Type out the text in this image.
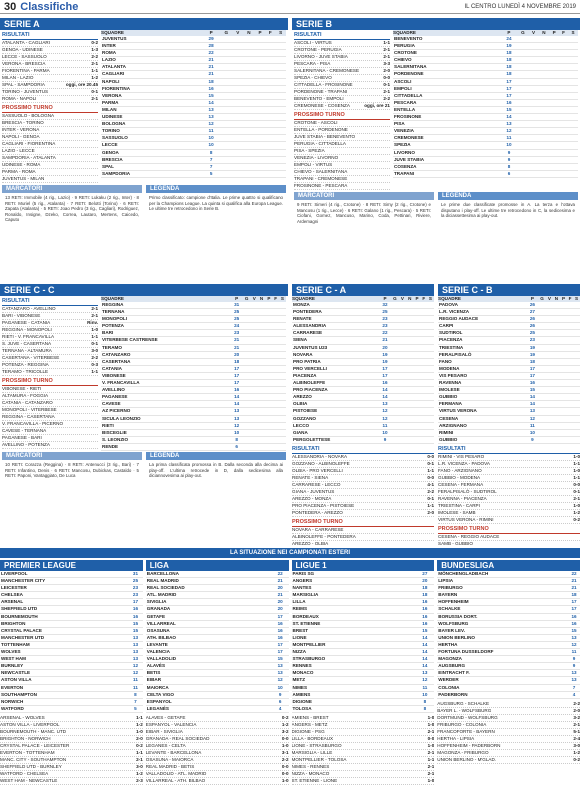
30 Classifiche	IL CENTRO LUNEDÌ 4 NOVEMBRE 2019
SERIE A
RISULTATI
ATALANTA - CAGLIARI	0-2
GENOA - UDINESE	1-3
LECCE - SASSUOLO	2-2
VERONA - BRESCIA	2-1
FIORENTINA - PARMA	1-1
MILAN - LAZIO	1-2
SPAL - SAMPDORIA	oggi, ore 20.45
TORINO - JUVENTUS	0-1
ROMA - NAPOLI	2-1
PROSSIMO TURNO
SASSUOLO - BOLOGNA
BRESCIA - TORINO
INTER - VERONA
NAPOLI - GENOA
CAGLIARI - FIORENTINA
LAZIO - LECCE
SAMPDORIA - ATALANTA
UDINESE - ROMA
PARMA - ROMA
JUVENTUS - MILAN
SQUADRE	P	G	V	N	P	F	S
JUVENTUS	29						
INTER	28						
ROMA	22						
LAZIO	21						
ATALANTA	21						
CAGLIARI	21						
NAPOLI	18						
FIORENTINA	16						
VERONA	15						
PARMA	14						
MILAN	13						
UDINESE	13						
BOLOGNA	12						
TORINO	11						
SASSUOLO	10						
LECCE	10						
GENOA	8						
BRESCIA	7						
SPAL	7						
SAMPDORIA	5						
MARCATORI
13 RETI: Immobile (4 rig., Lazio) · 9 RETI: Lukaku (2 rig., Inter) · 8 RETI: Muriel (5 rig., Atalanta) · 7 RETI: Belotti (Torino) · 6 RETI: Zapata (Atalanta) · 5 RETI: Joao Pedro (3 rig., Cagliari), Rodriguez, Ronaldo, Insigne, Dzeko, Correa, Lautaro, Mertens, Caicedo, Caputo
LEGENDA
Primo classificato: campione d'Italia. Le prime quattro si qualificano per la Champions League. La quinta si qualifica alla Europa League. Le ultime tre retrocedono in Serie B.
SERIE B
RISULTATI
ASCOLI - VIRTUS	1-1
CROTONE - PERUGIA	2-1
LIVORNO - JUVE STABIA	2-1
PESCARA - PISA	3-3
SALERNITANA - CREMONESE	2-0
SPEZIA - CHIEVO	0-0
CITTADELLA - FROSINONE	0-1
PORDENONE - TRAPANI	2-1
BENEVENTO - EMPOLI	2-2
CREMONESE - COSENZA	oggi, ore 21
PROSSIMO TURNO
CROTONE - ASCOLI
ENTELLA - PORDENONE
JUVE STABIA - BENEVENTO
PERUGIA - CITTADELLA
PISA - SPEZIA
VENEZIA - LIVORNO
EMPOLI - VIRTUS
CHIEVO - SALERNITANA
TRAPANI - CREMONESE
FROSINONE - PESCARA
SQUADRE	P	G	V	N	P	F	S
BENEVENTO	24						
PERUGIA	19						
CROTONE	18						
CHIEVO	18						
SALERNITANA	18						
PORDENONE	18						
ASCOLI	17						
EMPOLI	17						
CITTADELLA	17						
PESCARA	16						
ENTELLA	15						
FROSINONE	14						
PISA	13						
VENEZIA	12						
CREMONESE	11						
SPEZIA	10						
LIVORNO	9						
JUVE STABIA	9						
COSENZA	8						
TRAPANI	6						
MARCATORI
9 RETI: Simeri (4 rig., Crotone) · 8 RETI: Simy (2 rig., Crotone) e Mancosu (1 rig., Lecce) · 6 RETI: Galano (1 rig., Pescara) · 5 RETI: Ciofani, Gomez, Mancuso, Marino, Coda, Pettinari, Riviere, Ardemagni
LEGENDA
Le prime due classificate promosse in A. La terza e l'ottava disputano i play-off. Le ultime tre retrocedono in C, la sedicesima e la diciassettesima ai play-out.
SERIE C - C
RISULTATI
CATANZARO - AVELLINO	2-1
BARI - VIBONESE	2-1
PAGANESE - CATANIA	Rinv.
REGGINA - MONOPOLI	1-0
RIETI - V. FRANCAVILLA	1-1
S. JUVE - CASERTANA	0-1
TERNANA - ALTAMURA	3-0
CASERTANA - VITERBESE	2-2
POTENZA - REGGINA	0-3
TERAMO - TRICOLLE	1-1
PROSSIMO TURNO
VIBONESE - RIETI
ALTAMURA - FOGGIA
CATANIA - CATANZARO
MONOPOLI - VITERBESE
REGGINA - CASERTANA
V. FRANCAVILLA - PICERNO
CAVESE - TERNANA
PAGANESE - BARI
AVELLINO - POTENZA
SQUADRE	P	G	V	N	P	F	S
REGGINA	31						
TERNANA	25						
MONOPOLI	25						
POTENZA	24						
BARI	23						
VITERBESE CASTRENSE	21						
TERAMO	21						
CATANZARO	20						
CASERTANA	18						
CATANIA	17						
VIBONESE	17						
V. FRANCAVILLA	17						
AVELLINO	16						
PAGANESE	14						
CAVESE	14						
AZ PICERNO	13						
SICULA LEONZIO	13						
RIETI	12						
BISCEGLIE	10						
S. LEONZIO	8						
RENDE	6						
MARCATORI
10 RETI: Corazza (Reggina) · 8 RETI: Antenucci (3 rig., Bari) · 7 RETI: Infantino, Denis · 6 RETI: Mancosu, Dubickas, Castaldo · 5 RETI: Paponi, Vantaggiato, De Luca
LEGENDA
La prima classificata promossa in B. Dalla seconda alla decima ai play-off. L'ultima retrocede in D, dalla sedicesima alla diciannovesima ai play-out.
SERIE C - A
SQUADRE	P	G	V	N	P	F	S
MONZA	32						
PONTEDERA	25						
RENATE	23						
ALESSANDRIA	23						
CARRARESE	22						
SIENA	21						
JUVENTUS U23	20						
NOVARA	19						
PRO PATRIA	19						
PRO VERCELLI	17						
PIACENZA	17						
ALBINOLEFFE	16						
PRO PIACENZA	14						
AREZZO	14						
OLBIA	13						
PISTOIESE	12						
GOZZANO	12						
LECCO	11						
GIANA	10						
PERGOLETTESE	9						
RISULTATI
ALESSANDRIA - NOVARA	0-0
GOZZANO - ALBINOLEFFE	0-1
OLBIA - PRO VERCELLI	1-1
RENATE - SIENA	0-0
CARRARESE - LECCO	4-1
GIANA - JUVENTUS	2-2
AREZZO - MONZA	0-1
PRO PIACENZA - PISTOIESE	1-1
PONTEDERA - AREZZO	2-0
PROSSIMO TURNO
NOVARA - CARRARESE
ALBINOLEFFE - PONTEDERA
AREZZO - OLBIA
SERIE C - B
SQUADRE	P	G	V	N	P	F	S
PADOVA	26						
L.R. VICENZA	27						
REGGIO AUDACE	26						
CARPI	26						
SUDTIROL	25						
PIACENZA	23						
TRIESTINA	19						
FERALPISALÒ	19						
FANO	18						
MODENA	17						
VIS PESARO	17						
RAVENNA	16						
IMOLESE	15						
GUBBIO	14						
FERMANA	14						
VIRTUS VERONA	13						
CESENA	12						
ARZIGNANO	11						
RIMINI	10						
GUBBIO	9						
RISULTATI
RIMINI - VIS PESARO	1-0
L.R. VICENZA - PADOVA	1-1
FANO - ARZIGNANO	1-0
GUBBIO - MODENA	1-1
CESENA - FERMANA	0-0
FERALPISALÒ - SUDTIROL	0-1
RAVENNA - PIACENZA	2-1
TRIESTINA - CARPI	1-0
IMOLESE - SAMB	1-2
VIRTUS VERONA - RIMINI	0-2
PROSSIMO TURNO
CESENA - REGGIO AUDACE
SAMB - GUBBIO
LA SITUAZIONE NEI CAMPIONATI ESTERI
PREMIER LEAGUE
LIVERPOOL	31					
MANCHESTER CITY	25					
LEICESTER	23					
CHELSEA	23					
ARSENAL	17					
SHEFFIELD UTD	16					
BOURNEMOUTH	16					
BRIGHTON	15					
CRYSTAL PALACE	15					
MANCHESTER UTD	13					
TOTTENHAM	13					
WOLVES	13					
WEST HAM	13					
BURNLEY	12					
NEWCASTLE	12					
ASTON VILLA	11					
EVERTON	11					
SOUTHAMPTON	8					
NORWICH	7					
WATFORD	5					
ARSENAL - WOLVES	1-1
ASTON VILLA - LIVERPOOL	1-2
BOURNEMOUTH - MANC. UTD	1-0
BRIGHTON - NORWICH	2-0
CRYSTAL PALACE - LEICESTER	0-2
EVERTON - TOTTENHAM	1-1
MANC. CITY - SOUTHAMPTON	2-1
SHEFFIELD UTD - BURNLEY	3-0
WATFORD - CHELSEA	1-2
WEST HAM - NEWCASTLE	2-3
LIGA
BARCELLONA	22					
REAL MADRID	21					
REAL SOCIEDAD	20					
ATL. MADRID	21					
SIVIGLIA	20					
GRANADA	20					
GETAFE	17					
VILLARREAL	16					
OSASUNA	16					
ATH. BILBAO	16					
LEVANTE	17					
VALENCIA	17					
VALLADOLID	15					
ALAVÉS	13					
BETIS	13					
EIBAR	12					
MAIORCA	10					
CELTA VIGO	9					
ESPANYOL	6					
LEGANÉS	4					
ALAVES - GETAFE	0-2
ESPANYOL - VALENCIA	1-2
EIBAR - SIVIGLIA	3-2
GRANADA - REAL SOCIEDAD	0-0
LEGANES - CELTA	1-0
LEVANTE - BARCELLONA	3-1
OSASUNA - MAIORCA	2-2
REAL MADRID - BETIS	0-0
VALLADOLID - ATL. MADRID	0-0
VILLARREAL - ATH. BILBAO	1-0
LIGUE 1
PARIS SG	27					
ANGERS	20					
NANTES	18					
MARSIGLIA	18					
LILLA	16					
REIMS	16					
BORDEAUX	16					
ST. ETIENNE	16					
BREST	15					
LIONE	14					
MONTPELLIER	14					
NIZZA	14					
STRASBURGO	14					
RENNES	14					
MONACO	13					
METZ	12					
NIMES	11					
AMIENS	10					
DIGIONE	8					
TOLOSA	8					
AMIENS - BREST	1-0
ANGERS - METZ	1-0
DIGIONE - PSG	2-1
LILLA - BORDEAUX	0-0
LIONE - STRASBURGO	1-0
MARSIGLIA - LILLE	2-1
MONTPELLIER - TOLOSA	1-1
NIMES - RENNES	2-1
NIZZA - MONACO	2-1
ST. ETIENNE - LIONE	1-0
BUNDESLIGA
MÖNCHENGLADBACH	22					
LIPSIA	21					
FRIBURGO	21					
BAYERN	18					
HOFFENHEIM	17					
SCHALKE	17					
BORUSSIA DORT.	16					
WOLFSBURG	16					
BAYER LEV.	15					
UNION BERLINO	13					
HERTHA	12					
FORTUNA DUSSELDORF	11					
MAGONZA	9					
AUGSBURG	9					
EINTRACHT F.	13					
WERDER	13					
COLONIA	7					
PADERBORN	4					
AUGSBURG - SCHALKE	2-2
BAYER L. - WOLFSBURG	2-0
DORTMUND - WOLFSBURG	3-2
FRIBURGO - COLONIA	2-1
FRANCOFORTE - BAYERN	5-1
HERTHA - LIPSIA	2-4
HOFFENHEIM - PADERBORN	3-0
MAGONZA - FRIBURGO	1-2
UNION BERLINO - M'GLAD.	0-2
